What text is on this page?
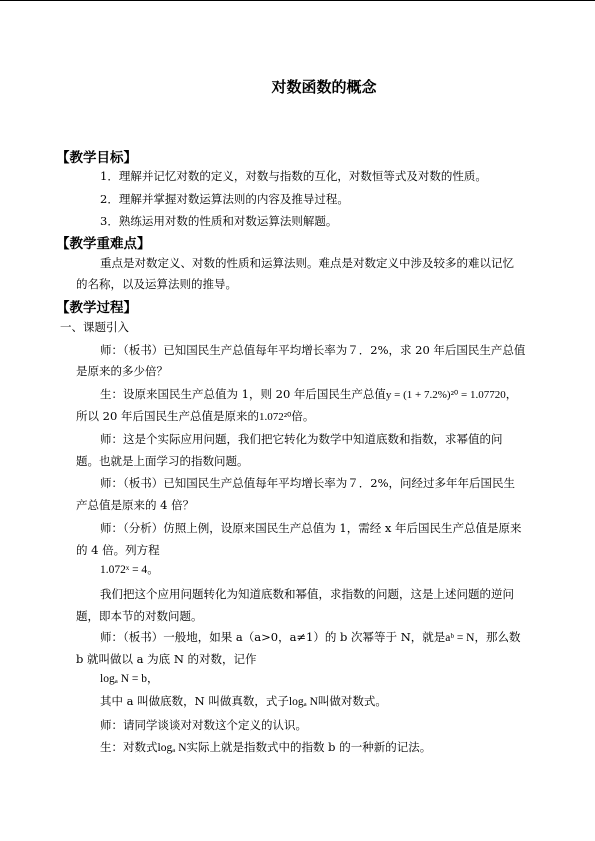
对数函数的概念
【教学目标】
1．理解并记忆对数的定义，对数与指数的互化，对数恒等式及对数的性质。
2．理解并掌握对数运算法则的内容及推导过程。
3．熟练运用对数的性质和对数运算法则解题。
【教学重难点】
重点是对数定义、对数的性质和运算法则。难点是对数定义中涉及较多的难以记忆
的名称，以及运算法则的推导。
【教学过程】
一、课题引入
师：（板书）已知国民生产总值每年平均增长率为７．2%，求 20 年后国民生产总值
是原来的多少倍？
生：设原来国民生产总值为 1，则 20 年后国民生产总值y = (1 + 7.2%)²⁰ = 1.07720，
所以 20 年后国民生产总值是原来的1.072²⁰倍。
师：这是个实际应用问题，我们把它转化为数学中知道底数和指数，求幂值的问
题。也就是上面学习的指数问题。
师：（板书）已知国民生产总值每年平均增长率为７．2%，问经过多年年后国民生
产总值是原来的 4 倍？
师：（分析）仿照上例，设原来国民生产总值为 1，需经 x 年后国民生产总值是原来
的 4 倍。列方程
1.072ˣ = 4。
我们把这个应用问题转化为知道底数和幂值，求指数的问题，这是上述问题的逆问
题，即本节的对数问题。
师：（板书）一般地，如果 a（a>0，a≠1）的 b 次幂等于 N，就是aᵇ = N，那么数
b 就叫做以 a 为底 N 的对数，记作
logₐ N = b，
其中 a 叫做底数，N 叫做真数，式子logₐ N叫做对数式。
师：请同学谈谈对对数这个定义的认识。
生：对数式logₐ N实际上就是指数式中的指数 b 的一种新的记法。
